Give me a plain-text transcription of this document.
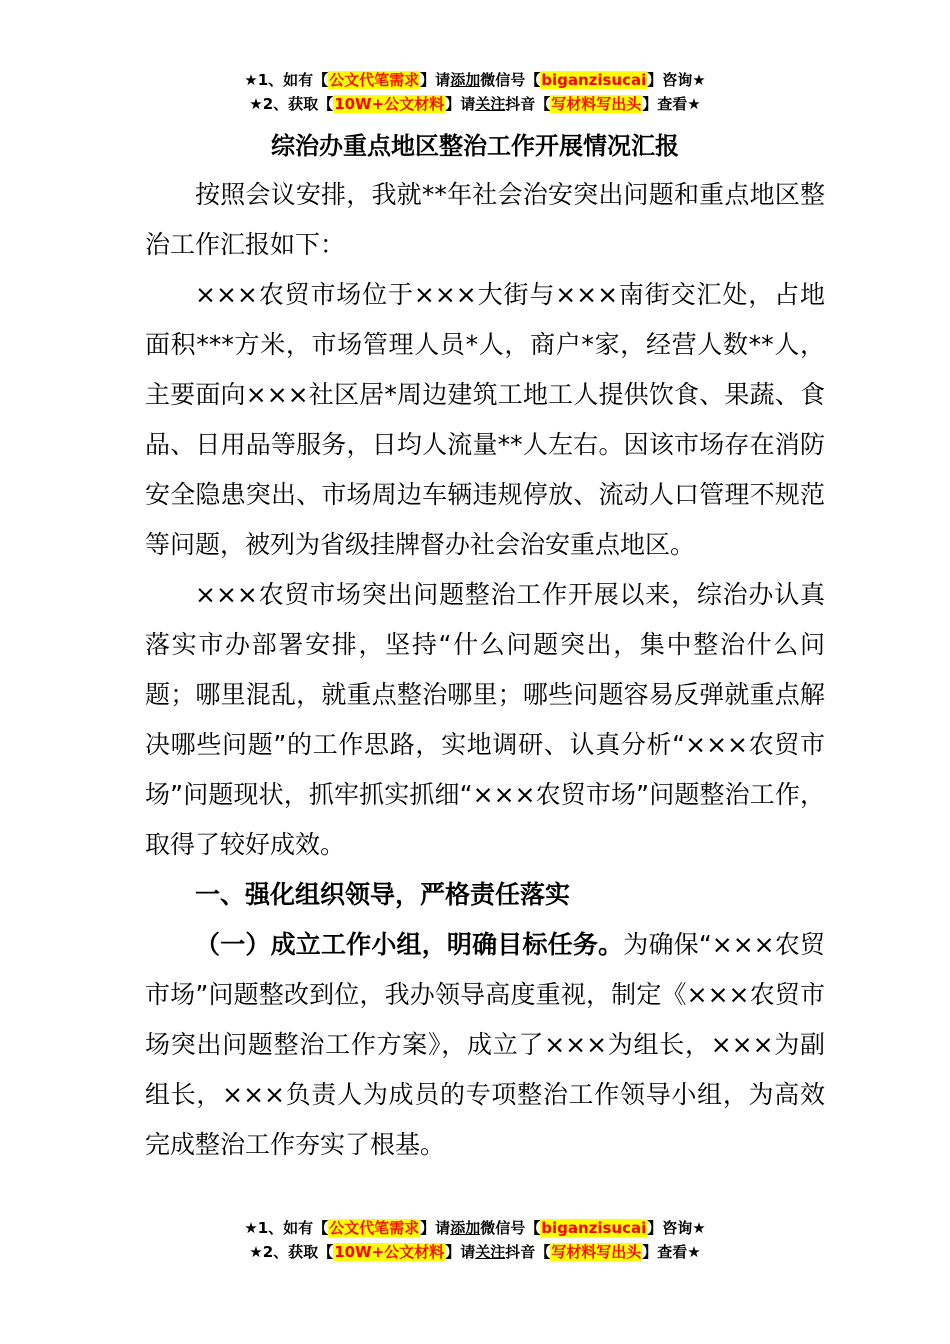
★1、如有【公文代笔需求】请添加微信号【biganzisucai】咨询★
★2、获取【10W+公文材料】请关注抖音【写材料写出头】查看★
综治办重点地区整治工作开展情况汇报

按照会议安排，我就**年社会治安突出问题和重点地区整治工作汇报如下：

×××农贸市场位于×××大街与×××南街交汇处，占地面积***方米，市场管理人员*人，商户*家，经营人数**人，主要面向×××社区居*周边建筑工地工人提供饮食、果蔬、食品、日用品等服务，日均人流量**人左右。因该市场存在消防安全隐患突出、市场周边车辆违规停放、流动人口管理不规范等问题，被列为省级挂牌督办社会治安重点地区。

×××农贸市场突出问题整治工作开展以来，综治办认真落实市办部署安排，坚持“什么问题突出，集中整治什么问题；哪里混乱，就重点整治哪里；哪些问题容易反弹就重点解决哪些问题”的工作思路，实地调研、认真分析“×××农贸市场”问题现状，抓牢抓实抓细“×××农贸市场”问题整治工作，取得了较好成效。

一、强化组织领导，严格责任落实

（一）成立工作小组，明确目标任务。为确保“×××农贸市场”问题整改到位，我办领导高度重视，制定《×××农贸市场突出问题整治工作方案》，成立了×××为组长，×××为副组长，×××负责人为成员的专项整治工作领导小组，为高效完成整治工作夯实了根基。

★1、如有【公文代笔需求】请添加微信号【biganzisucai】咨询★
★2、获取【10W+公文材料】请关注抖音【写材料写出头】查看★
